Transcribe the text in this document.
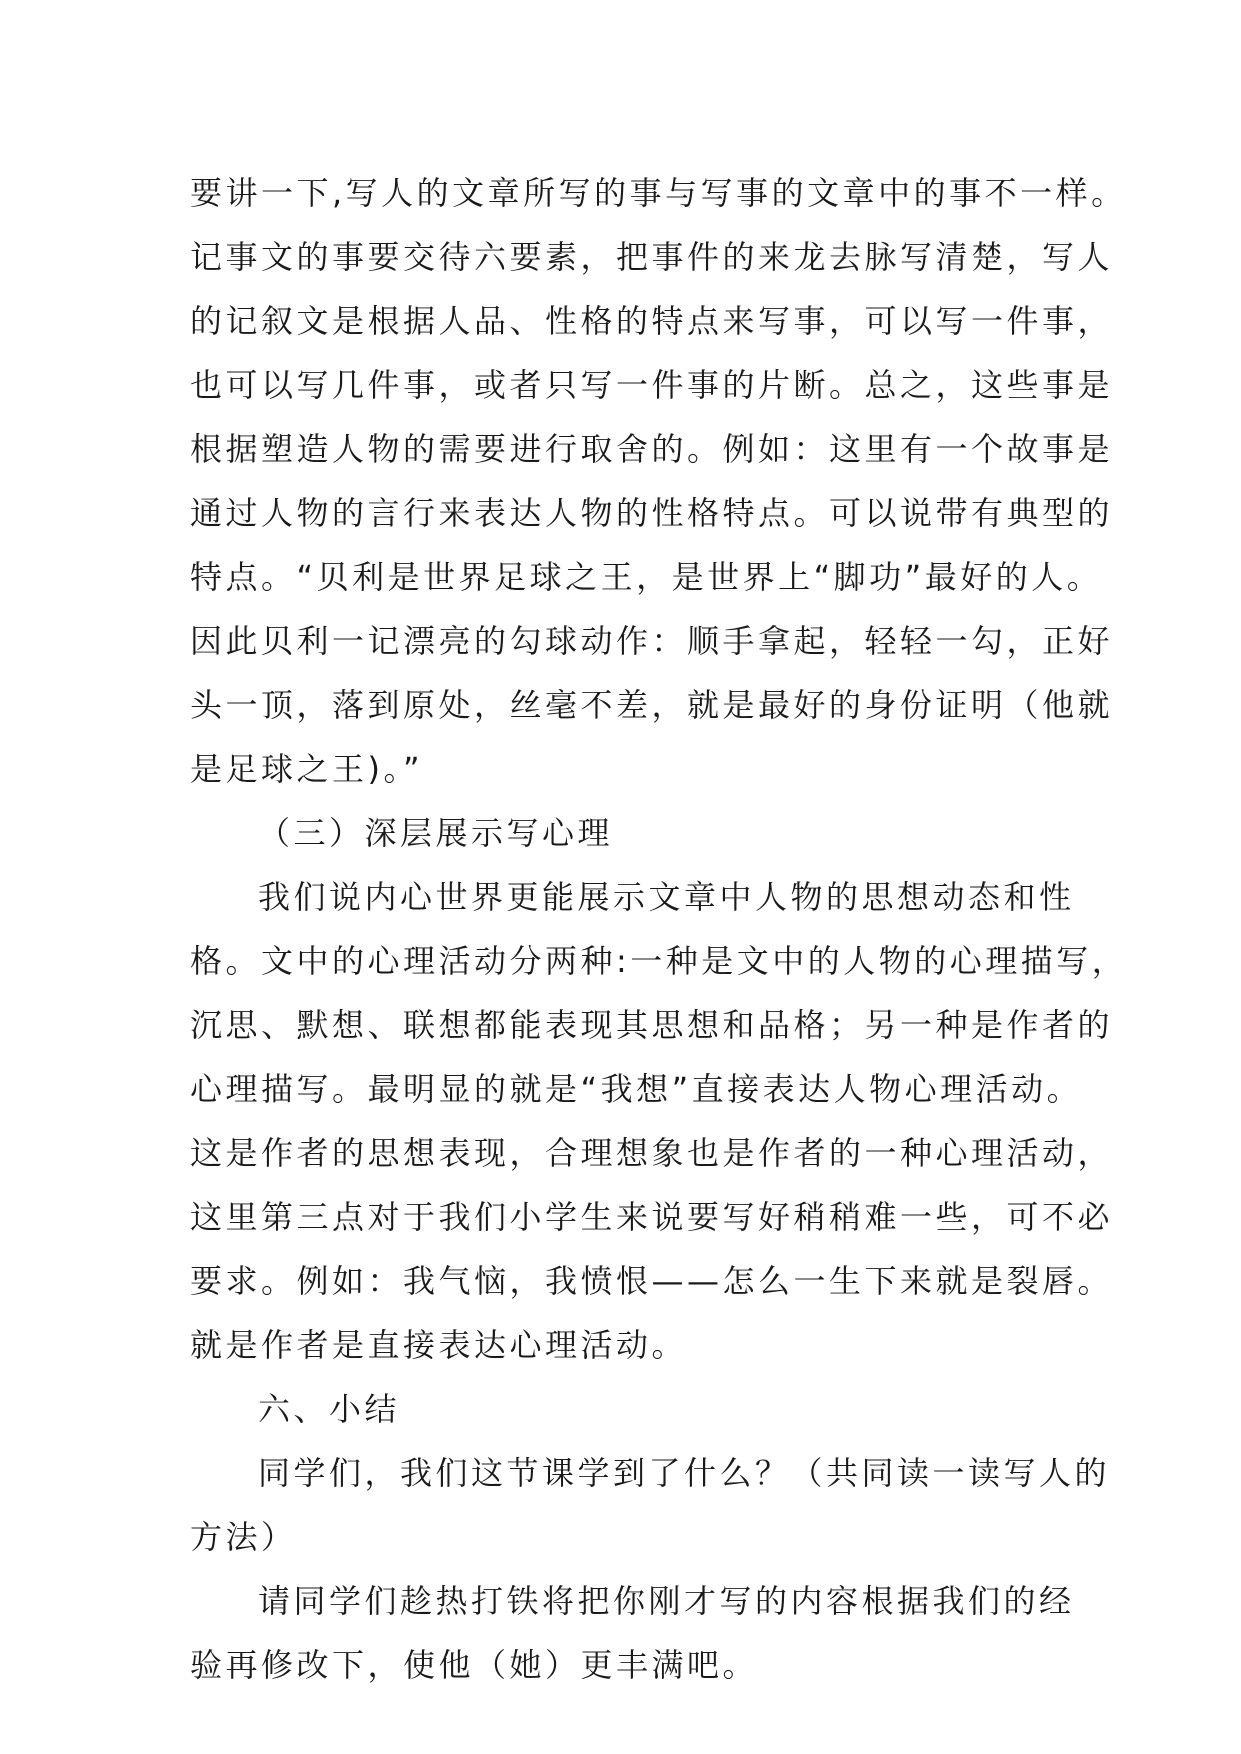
要讲一下,写人的文章所写的事与写事的文章中的事不一样。
记事文的事要交待六要素，把事件的来龙去脉写清楚，写人
的记叙文是根据人品、性格的特点来写事，可以写一件事，
也可以写几件事，或者只写一件事的片断。总之，这些事是
根据塑造人物的需要进行取舍的。例如：这里有一个故事是
通过人物的言行来表达人物的性格特点。可以说带有典型的
特点。“贝利是世界足球之王，是世界上“脚功”最好的人。
因此贝利一记漂亮的勾球动作：顺手拿起，轻轻一勾，正好
头一顶，落到原处，丝毫不差，就是最好的身份证明（他就
是足球之王)。”
（三）深层展示写心理
我们说内心世界更能展示文章中人物的思想动态和性
格。文中的心理活动分两种:一种是文中的人物的心理描写，
沉思、默想、联想都能表现其思想和品格；另一种是作者的
心理描写。最明显的就是“我想”直接表达人物心理活动。
这是作者的思想表现，合理想象也是作者的一种心理活动，
这里第三点对于我们小学生来说要写好稍稍难一些，可不必
要求。例如：我气恼，我愤恨——怎么一生下来就是裂唇。
就是作者是直接表达心理活动。
六、小结
同学们，我们这节课学到了什么？（共同读一读写人的
方法）
请同学们趁热打铁将把你刚才写的内容根据我们的经
验再修改下，使他（她）更丰满吧。
